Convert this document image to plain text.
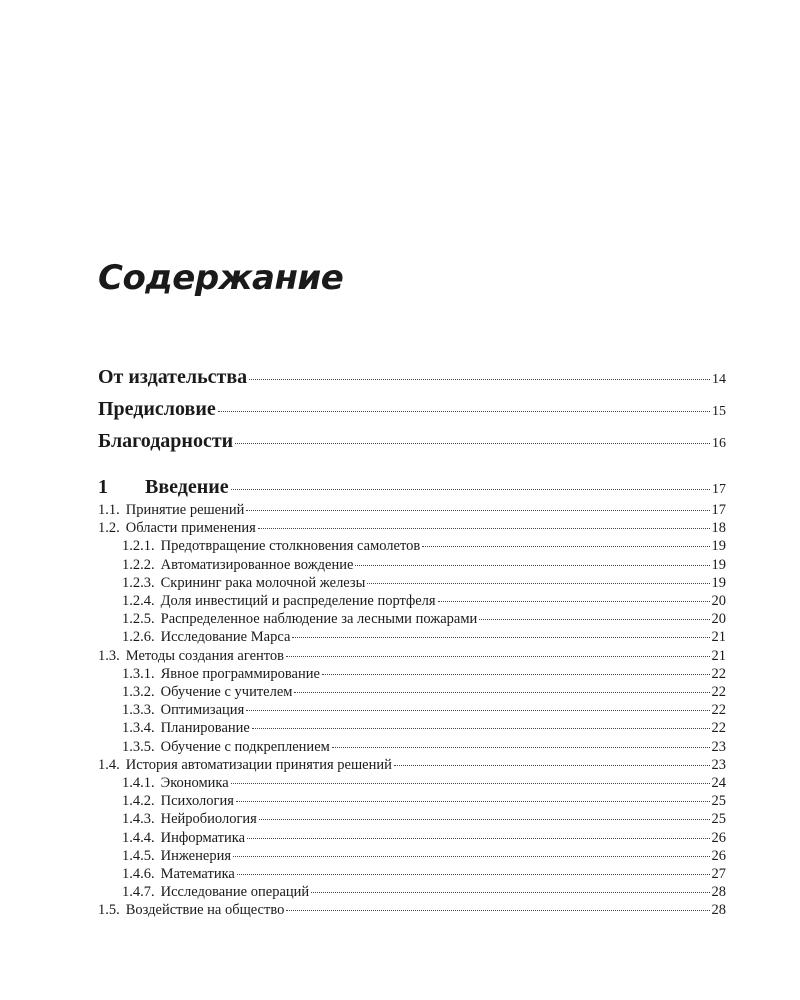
Содержание
От издательства	14
Предисловие	15
Благодарности	16
1 Введение	17
1.1. Принятие решений	17
1.2. Области применения	18
1.2.1. Предотвращение столкновения самолетов	19
1.2.2. Автоматизированное вождение	19
1.2.3. Скрининг рака молочной железы	19
1.2.4. Доля инвестиций и распределение портфеля	20
1.2.5. Распределенное наблюдение за лесными пожарами	20
1.2.6. Исследование Марса	21
1.3. Методы создания агентов	21
1.3.1. Явное программирование	22
1.3.2. Обучение с учителем	22
1.3.3. Оптимизация	22
1.3.4. Планирование	22
1.3.5. Обучение с подкреплением	23
1.4. История автоматизации принятия решений	23
1.4.1. Экономика	24
1.4.2. Психология	25
1.4.3. Нейробиология	25
1.4.4. Информатика	26
1.4.5. Инженерия	26
1.4.6. Математика	27
1.4.7. Исследование операций	28
1.5. Воздействие на общество	28
